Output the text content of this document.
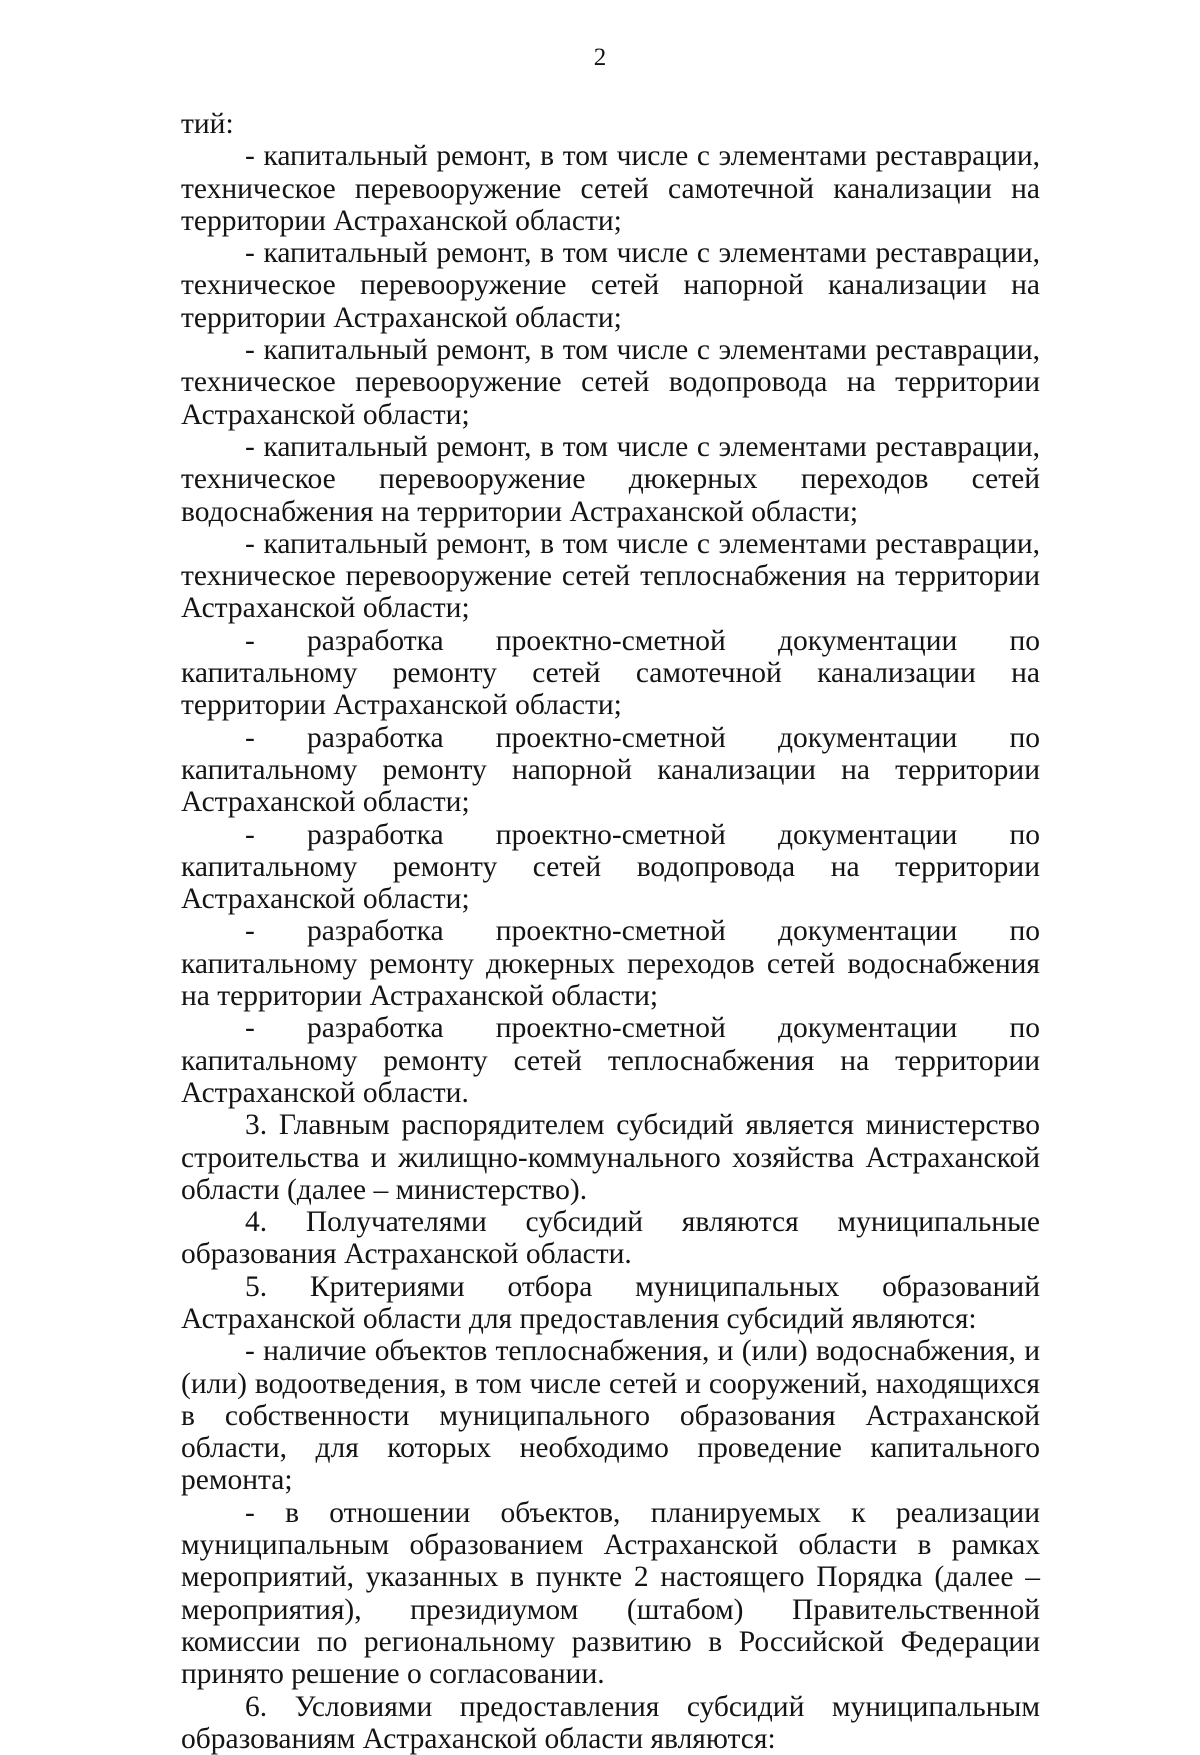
2

тий:

- капитальный ремонт, в том числе с элементами реставрации, техническое перевооружение сетей самотечной канализации на территории Астраханской области;

- капитальный ремонт, в том числе с элементами реставрации, техническое перевооружение сетей напорной канализации на территории Астраханской области;

- капитальный ремонт, в том числе с элементами реставрации, техническое перевооружение сетей водопровода на территории Астраханской области;

- капитальный ремонт, в том числе с элементами реставрации, техническое перевооружение дюкерных переходов сетей водоснабжения на территории Астраханской области;

- капитальный ремонт, в том числе с элементами реставрации, техническое перевооружение сетей теплоснабжения на территории Астраханской области;

- разработка проектно-сметной документации по капитальному ремонту сетей самотечной канализации на территории Астраханской области;

- разработка проектно-сметной документации по капитальному ремонту напорной канализации на территории Астраханской области;

- разработка проектно-сметной документации по капитальному ремонту сетей водопровода на территории Астраханской области;

- разработка проектно-сметной документации по капитальному ремонту дюкерных переходов сетей водоснабжения на территории Астраханской области;

- разработка проектно-сметной документации по капитальному ремонту сетей теплоснабжения на территории Астраханской области.

3. Главным распорядителем субсидий является министерство строительства и жилищно-коммунального хозяйства Астраханской области (далее – министерство).

4. Получателями субсидий являются муниципальные образования Астраханской области.

5. Критериями отбора муниципальных образований Астраханской области для предоставления субсидий являются:

- наличие объектов теплоснабжения, и (или) водоснабжения, и (или) водоотведения, в том числе сетей и сооружений, находящихся в собственности муниципального образования Астраханской области, для которых необходимо проведение капитального ремонта;

- в отношении объектов, планируемых к реализации муниципальным образованием Астраханской области в рамках мероприятий, указанных в пункте 2 настоящего Порядка (далее – мероприятия), президиумом (штабом) Правительственной комиссии по региональному развитию в Российской Федерации принято решение о согласовании.

6. Условиями предоставления субсидий муниципальным образованиям Астраханской области являются:
